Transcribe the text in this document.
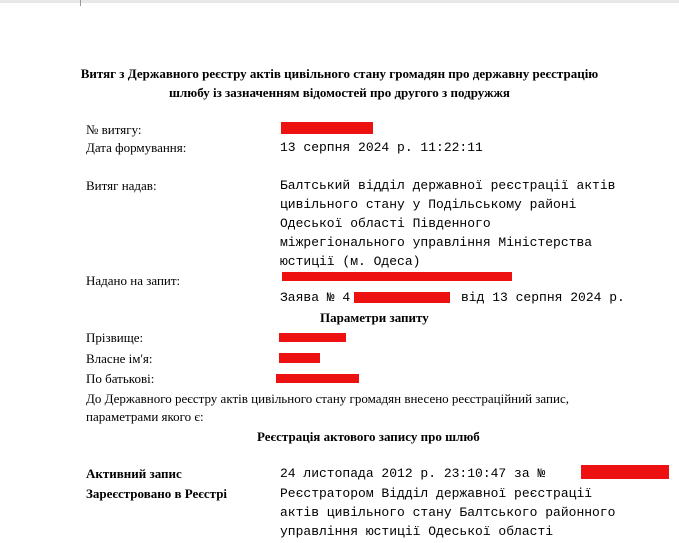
Витяг з Державного реєстру актів цивільного стану громадян про державну реєстрацію
шлюбу із зазначенням відомостей про другого з подружжя
№ витягу:
Дата формування:	13 серпня 2024 р. 11:22:11
Витяг надав:	Балтський відділ державної реєстрації актів
цивільного стану у Подільському районі
Одеської області Південного
міжрегіонального управління Міністерства
юстиції (м. Одеса)
Надано на запит:
Заява № 4	від 13 серпня 2024 р.
Параметри запиту
Прізвище:
Власне ім'я:
По батькові:
До Державного реєстру актів цивільного стану громадян внесено реєстраційний запис,
параметрами якого є:
Реєстрація актового запису про шлюб
Активний запис	24 листопада 2012 р. 23:10:47 за №
Зареєстровано в Реєстрі	Реєстратором Відділ державної реєстрації
актів цивільного стану Балтського районного
управління юстиції Одеської області
